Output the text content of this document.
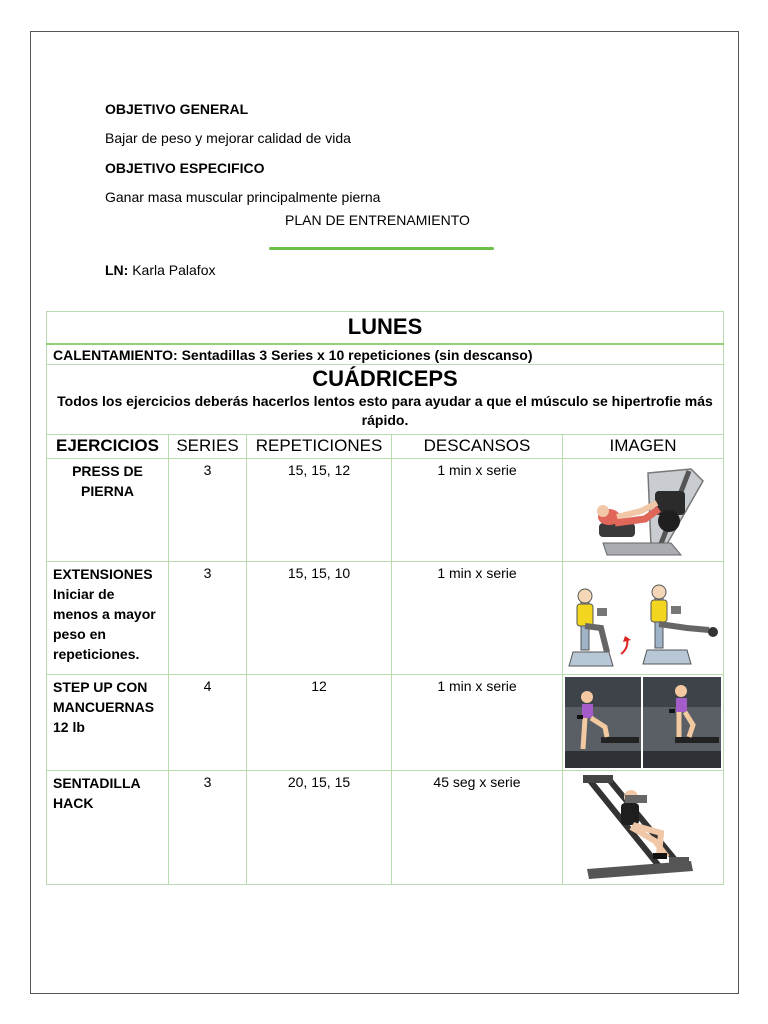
OBJETIVO GENERAL
Bajar de peso y mejorar calidad de vida
OBJETIVO ESPECIFICO
Ganar masa muscular principalmente pierna
PLAN DE ENTRENAMIENTO
LN: Karla Palafox
LUNES				
CALENTAMIENTO: Sentadillas 3 Series x 10 repeticiones (sin descanso)				

CUÁDRICEPS
Todos los ejercicios deberás hacerlos lentos esto para ayudar a que el músculo se hipertrofie más rápido.				

EJERCICIOS	SERIES	REPETICIONES	DESCANSOS	IMAGEN
PRESS DE PIERNA	3	15, 15, 12	1 min x serie	

EXTENSIONES Iniciar de menos a mayor peso en repeticiones.	3	15, 15, 10	1 min x serie	

STEP UP CON MANCUERNAS 12 lb	4	12	1 min x serie	

SENTADILLA HACK	3	20, 15, 15	45 seg x serie	
